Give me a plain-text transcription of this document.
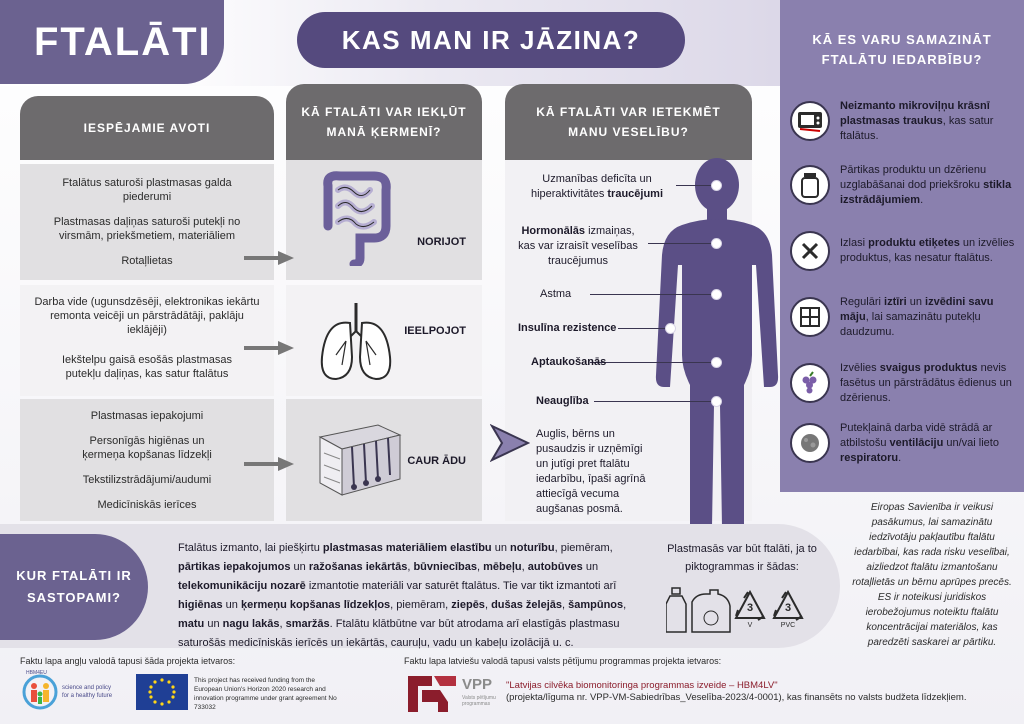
FTALĀTI	KAS MAN IR JĀZINA?	KĀ ES VARU SAMAZINĀT
FTALĀTU IEDARBĪBU?
Neizmanto mikroviļņu krāsnī plastmasas traukus, kas satur ftalātus.
Pārtikas produktu un dzērienu uzglabāšanai dod priekšroku stikla izstrādājumiem.
Izlasi produktu etiķetes un izvēlies produktus, kas nesatur ftalātus.
Regulāri iztīri un izvēdini savu māju, lai samazinātu putekļu daudzumu.
Izvēlies svaigus produktus nevis fasētus un pārstrādātus ēdienus un dzērienus.
Putekļainā darba vidē strādā ar atbilstošu ventilāciju un/vai lieto respiratoru.
Eiropas Savienība ir veikusi pasākumus, lai samazinātu iedzīvotāju pakļautību ftalātu iedarbībai, kas rada risku veselībai, aizliedzot ftalātu izmantošanu rotaļlietās un bērnu aprūpes precēs. ES ir noteikusi juridiskos ierobežojumus noteiktu ftalātu koncentrācijai materiālos, kas paredzēti saskarei ar pārtiku.
IESPĒJAMIE AVOTI
KĀ FTALĀTI VAR IEKĻŪT
MANĀ ĶERMENĪ?
KĀ FTALĀTI VAR IETEKMĒT
MANU VESELĪBU?

Ftalātus saturoši plastmasas galda piederumi

Plastmasas daļiņas saturoši putekļi no virsmām, priekšmetiem, materiāliem

Rotaļlietas

Darba vide (ugunsdzēsēji, elektronikas iekārtu remonta veicēji un pārstrādātāji, paklāju ieklājēji)

Iekštelpu gaisā esošās plastmasas putekļu daļiņas, kas satur ftalātus

Plastmasas iepakojumi

Personīgās higiēnas un ķermeņa kopšanas līdzekļi

Tekstilizstrādājumi/audumi

Medicīniskās ierīces

NORIJOT
IEELPOJOT
CAUR ĀDU
Uzmanības deficīta un hiperaktivitātes traucējumi
Hormonālās izmaiņas, kas var izraisīt veselības traucējumus
Astma
Insulīna rezistence
Aptaukošanās
Neauglība
Auglis, bērns un pusaudzis ir uzņēmīgi un jutīgi pret ftalātu iedarbību, īpaši agrīnā attiecīgā vecuma augšanas posmā.
KUR FTALĀTI IR
SASTOPAMI?
Ftalātus izmanto, lai piešķirtu plastmasas materiāliem elastību un noturību, piemēram, pārtikas iepakojumos un ražošanas iekārtās, būvniecības, mēbeļu, autobūves un telekomunikāciju nozarē izmantotie materiāli var saturēt ftalātus. Tie var tikt izmantoti arī higiēnas un ķermeņu kopšanas līdzekļos, piemēram, ziepēs, dušas želejās, šampūnos, matu un nagu lakās, smaržās. Ftalātu klātbūtne var būt atrodama arī elastīgās plastmasu saturošās medicīniskās ierīcēs un iekārtās, cauruļu, vadu un kabeļu izolācijā u. c.
Plastmasās var būt ftalāti, ja to piktogrammas ir šādas:
3
V
3
PVC
Faktu lapa angļu valodā tapusi šāda projekta ietvaros:
HBM4EU
science and policy
for a healthy future
This project has received funding from the European Union's Horizon 2020 research and innovation programme under grant agreement No 733032
Faktu lapa latviešu valodā tapusi valsts pētījumu programmas projekta ietvaros:
VPP
Valsts pētījumu
programmas
"Latvijas cilvēka biomonitoringa programmas izveide – HBM4LV"
(projekta/līguma nr. VPP-VM-Sabiedrības_Veselība-2023/4-0001), kas finansēts no valsts budžeta līdzekļiem.
